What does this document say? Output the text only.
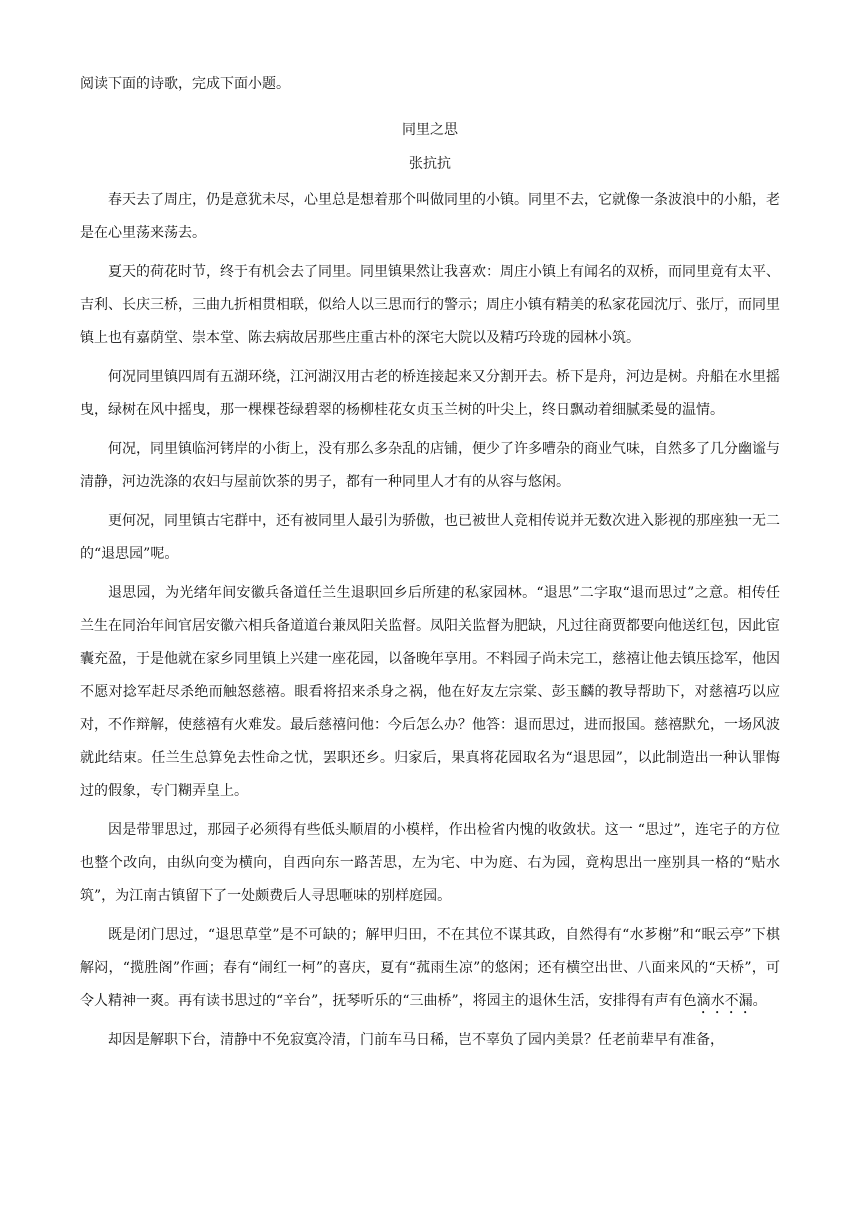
阅读下面的诗歌，完成下面小题。

同里之思

张抗抗

春天去了周庄，仍是意犹未尽，心里总是想着那个叫做同里的小镇。同里不去，它就像一条波浪中的小船，老是在心里荡来荡去。

夏天的荷花时节，终于有机会去了同里。同里镇果然让我喜欢：周庄小镇上有闻名的双桥，而同里竟有太平、吉利、长庆三桥，三曲九折相贯相联，似给人以三思而行的警示；周庄小镇有精美的私家花园沈厅、张厅，而同里镇上也有嘉荫堂、崇本堂、陈去病故居那些庄重古朴的深宅大院以及精巧玲珑的园林小筑。

何况同里镇四周有五湖环绕，江河湖汉用古老的桥连接起来又分割开去。桥下是舟，河边是树。舟船在水里摇曳，绿树在风中摇曳，那一棵棵苍绿碧翠的杨柳桂花女贞玉兰树的叶尖上，终日飘动着细腻柔曼的温情。

何况，同里镇临河铐岸的小街上，没有那么多杂乱的店铺，便少了许多嘈杂的商业气味，自然多了几分幽谧与清静，河边洗涤的农妇与屋前饮茶的男子，都有一种同里人才有的从容与悠闲。

更何况，同里镇古宅群中，还有被同里人最引为骄傲，也已被世人竞相传说并无数次进入影视的那座独一无二的“退思园”呢。

退思园，为光绪年间安徽兵备道任兰生退职回乡后所建的私家园林。“退思”二字取“退而思过”之意。相传任兰生在同治年间官居安徽六相兵备道道台兼凤阳关监督。凤阳关监督为肥缺，凡过往商贾都要向他送红包，因此宦囊充盈，于是他就在家乡同里镇上兴建一座花园，以备晚年享用。不料园子尚未完工，慈禧让他去镇压捻军，他因不愿对捻军赶尽杀绝而触怒慈禧。眼看将招来杀身之祸，他在好友左宗棠、彭玉麟的教导帮助下，对慈禧巧以应对，不作辩解，使慈禧有火难发。最后慈禧问他：今后怎么办？他答：退而思过，进而报国。慈禧默允，一场风波就此结束。任兰生总算免去性命之忧，罢职还乡。归家后，果真将花园取名为“退思园”，以此制造出一种认罪悔过的假象，专门糊弄皇上。

因是带罪思过，那园子必须得有些低头顺眉的小模样，作出检省内愧的收敛状。这一 “思过”，连宅子的方位也整个改向，由纵向变为横向，自西向东一路苦思，左为宅、中为庭、右为园，竟构思出一座别具一格的“贴水筑”，为江南古镇留下了一处颇费后人寻思咂味的别样庭园。

既是闭门思过，“退思草堂”是不可缺的；解甲归田，不在其位不谋其政，自然得有“水芗榭”和“眠云亭”下棋解闷，“揽胜阁”作画；春有“闹红一柯”的喜庆，夏有“菰雨生凉”的悠闲；还有横空出世、八面来风的“天桥”，可令人精神一爽。再有读书思过的“辛台”，抚琴听乐的“三曲桥”，将园主的退休生活，安排得有声有色滴水不漏。

却因是解职下台，清静中不免寂寞冷清，门前车马日稀，岂不辜负了园内美景？任老前辈早有准备，
